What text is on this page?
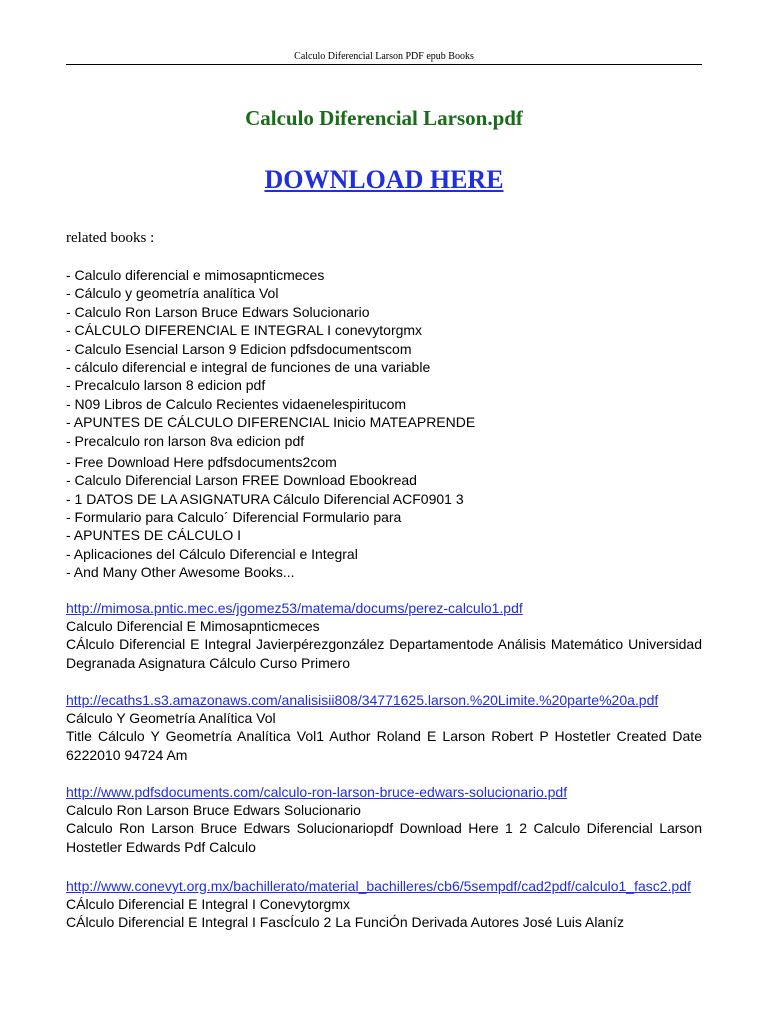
Calculo Diferencial Larson PDF epub Books
Calculo Diferencial Larson.pdf
DOWNLOAD HERE
related books :
- Calculo diferencial e mimosapnticmeces
- Cálculo y geometría analítica Vol
- Calculo Ron Larson Bruce Edwars Solucionario
- CÁLCULO DIFERENCIAL E INTEGRAL I conevytorgmx
- Calculo Esencial Larson 9 Edicion pdfsdocumentscom
- cálculo diferencial e integral de funciones de una variable
- Precalculo larson 8 edicion pdf
- N09 Libros de Calculo Recientes vidaenelespiritucom
- APUNTES DE CÁLCULO DIFERENCIAL Inicio MATEAPRENDE
- Precalculo ron larson 8va edicion pdf
- Free Download Here pdfsdocuments2com
- Calculo Diferencial Larson FREE Download Ebookread
- 1 DATOS DE LA ASIGNATURA Cálculo Diferencial ACF0901 3
- Formulario para Calculo´ Diferencial Formulario para
- APUNTES DE CÁLCULO I
- Aplicaciones del Cálculo Diferencial e Integral
- And Many Other Awesome Books...
http://mimosa.pntic.mec.es/jgomez53/matema/docums/perez-calculo1.pdf
Calculo Diferencial E Mimosapnticmeces
CÁlculo Diferencial E Integral Javierpérezgonzález Departamentode Análisis Matemático Universidad Degranada Asignatura Cálculo Curso Primero
http://ecaths1.s3.amazonaws.com/analisisii808/34771625.larson.%20Limite.%20parte%20a.pdf
Cálculo Y Geometría Analítica Vol
Title Cálculo Y Geometría Analítica Vol1 Author Roland E Larson Robert P Hostetler Created Date 6222010 94724 Am
http://www.pdfsdocuments.com/calculo-ron-larson-bruce-edwars-solucionario.pdf
Calculo Ron Larson Bruce Edwars Solucionario
Calculo Ron Larson Bruce Edwars Solucionariopdf Download Here 1 2 Calculo Diferencial Larson Hostetler Edwards Pdf Calculo
http://www.conevyt.org.mx/bachillerato/material_bachilleres/cb6/5sempdf/cad2pdf/calculo1_fasc2.pdf
CÁlculo Diferencial E Integral I Conevytorgmx
CÁlculo Diferencial E Integral I FascÍculo 2 La FunciÓn Derivada Autores José Luis Alaníz
